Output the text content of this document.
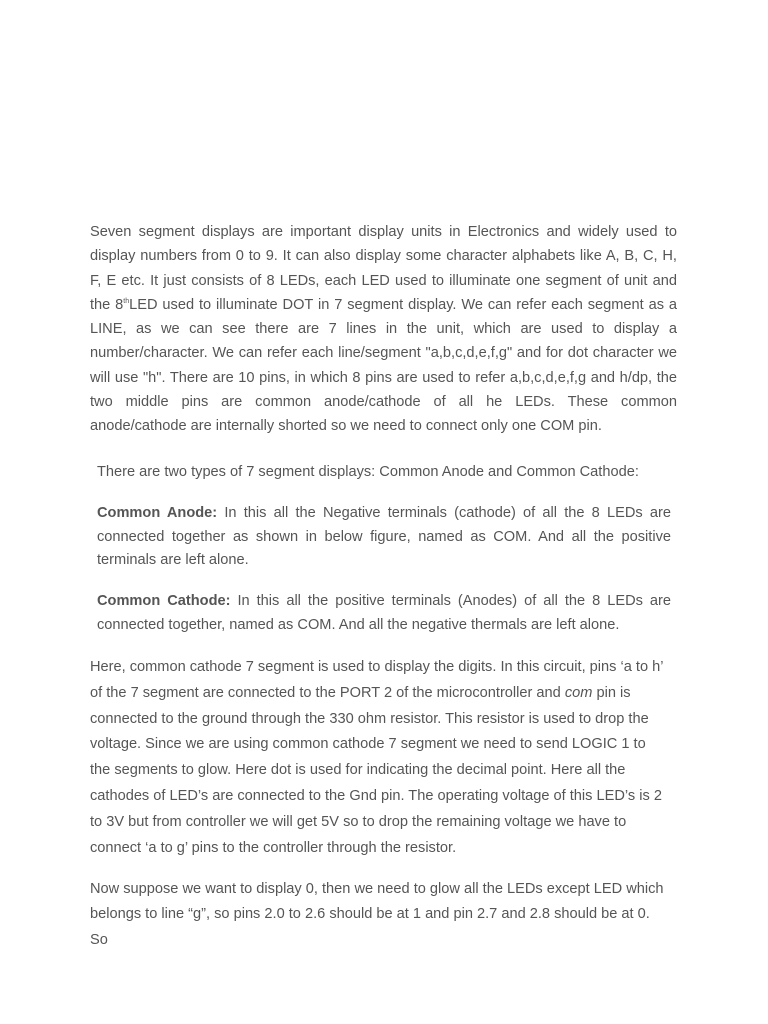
Seven segment displays are important display units in Electronics and widely used to display numbers from 0 to 9. It can also display some character alphabets like A, B, C, H, F, E etc. It just consists of 8 LEDs, each LED used to illuminate one segment of unit and the 8thLED used to illuminate DOT in 7 segment display. We can refer each segment as a LINE, as we can see there are 7 lines in the unit, which are used to display a number/character. We can refer each line/segment "a,b,c,d,e,f,g" and for dot character we will use "h". There are 10 pins, in which 8 pins are used to refer a,b,c,d,e,f,g and h/dp, the two middle pins are common anode/cathode of all he LEDs. These common anode/cathode are internally shorted so we need to connect only one COM pin.

There are two types of 7 segment displays: Common Anode and Common Cathode:

Common Anode: In this all the Negative terminals (cathode) of all the 8 LEDs are connected together as shown in below figure, named as COM. And all the positive terminals are left alone.

Common Cathode: In this all the positive terminals (Anodes) of all the 8 LEDs are connected together, named as COM. And all the negative thermals are left alone.

Here, common cathode 7 segment is used to display the digits. In this circuit, pins ‘a to h’ of the 7 segment are connected to the PORT 2 of the microcontroller and com pin is connected to the ground through the 330 ohm resistor. This resistor is used to drop the voltage. Since we are using common cathode 7 segment we need to send LOGIC 1 to the segments to glow. Here dot is used for indicating the decimal point. Here all the cathodes of LED’s are connected to the Gnd pin. The operating voltage of this LED’s is 2 to 3V but from controller we will get 5V so to drop the remaining voltage we have to connect ‘a to g’ pins to the controller through the resistor.

Now suppose we want to display 0, then we need to glow all the LEDs except LED which belongs to line “g”, so pins 2.0 to 2.6 should be at 1 and pin 2.7 and 2.8 should be at 0. So
